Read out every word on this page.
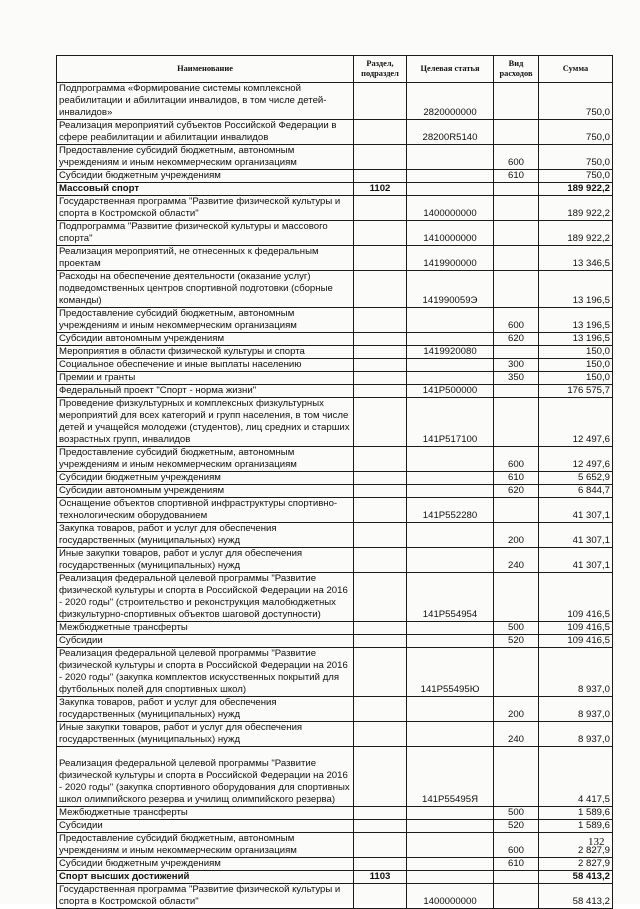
Наименование	Раздел, подраздел	Целевая статья	Вид расходов	Сумма
Подпрограмма «Формирование системы комплексной реабилитации и абилитации инвалидов, в том числе детей-инвалидов»		2820000000		750,0
Реализация мероприятий субъектов Российской Федерации в сфере реабилитации и абилитации инвалидов		28200R5140		750,0
Предоставление субсидий бюджетным, автономным учреждениям и иным некоммерческим организациям			600	750,0
Субсидии бюджетным учреждениям			610	750,0
Массовый спорт	1102			189 922,2
Государственная программа "Развитие физической культуры и спорта в Костромской области"		1400000000		189 922,2
Подпрограмма "Развитие физической культуры и массового спорта"		1410000000		189 922,2
Реализация мероприятий, не отнесенных к федеральным проектам		1419900000		13 346,5
Расходы на обеспечение деятельности (оказание услуг) подведомственных центров спортивной подготовки (сборные команды)		141990059Э		13 196,5
Предоставление субсидий бюджетным, автономным учреждениям и иным некоммерческим организациям			600	13 196,5
Субсидии автономным учреждениям			620	13 196,5
Мероприятия в области физической культуры и спорта		1419920080		150,0
Социальное обеспечение и иные выплаты населению			300	150,0
Премии и гранты			350	150,0
Федеральный проект "Спорт - норма жизни"		141P500000		176 575,7
Проведение физкультурных и комплексных физкультурных мероприятий для всех категорий и групп населения, в том числе детей и учащейся молодежи (студентов), лиц средних и старших возрастных групп, инвалидов		141P517100		12 497,6
Предоставление субсидий бюджетным, автономным учреждениям и иным некоммерческим организациям			600	12 497,6
Субсидии бюджетным учреждениям			610	5 652,9
Субсидии автономным учреждениям			620	6 844,7
Оснащение объектов спортивной инфраструктуры спортивно-технологическим оборудованием		141P552280		41 307,1
Закупка товаров, работ и услуг для обеспечения государственных (муниципальных) нужд			200	41 307,1
Иные закупки товаров, работ и услуг для обеспечения государственных (муниципальных) нужд			240	41 307,1
Реализация федеральной целевой программы "Развитие физической культуры и спорта в Российской Федерации на 2016 - 2020 годы" (строительство и реконструкция малобюджетных физкультурно-спортивных объектов шаговой доступности)		141P554954		109 416,5
Межбюджетные трансферты			500	109 416,5
Субсидии			520	109 416,5
Реализация федеральной целевой программы "Развитие физической культуры и спорта в Российской Федерации на 2016 - 2020 годы" (закупка комплектов искусственных покрытий для футбольных полей для спортивных школ)		141P55495Ю		8 937,0
Закупка товаров, работ и услуг для обеспечения государственных (муниципальных) нужд			200	8 937,0
Иные закупки товаров, работ и услуг для обеспечения государственных (муниципальных) нужд			240	8 937,0
Реализация федеральной целевой программы "Развитие физической культуры и спорта в Российской Федерации на 2016 - 2020 годы" (закупка спортивного оборудования для спортивных школ олимпийского резерва и училищ олимпийского резерва)		141P55495Я		4 417,5
Межбюджетные трансферты			500	1 589,6
Субсидии			520	1 589,6
Предоставление субсидий бюджетным, автономным учреждениям и иным некоммерческим организациям			600	2 827,9
Субсидии бюджетным учреждениям			610	2 827,9
Спорт высших достижений	1103			58 413,2
Государственная программа "Развитие физической культуры и спорта в Костромской области"		1400000000		58 413,2
132
